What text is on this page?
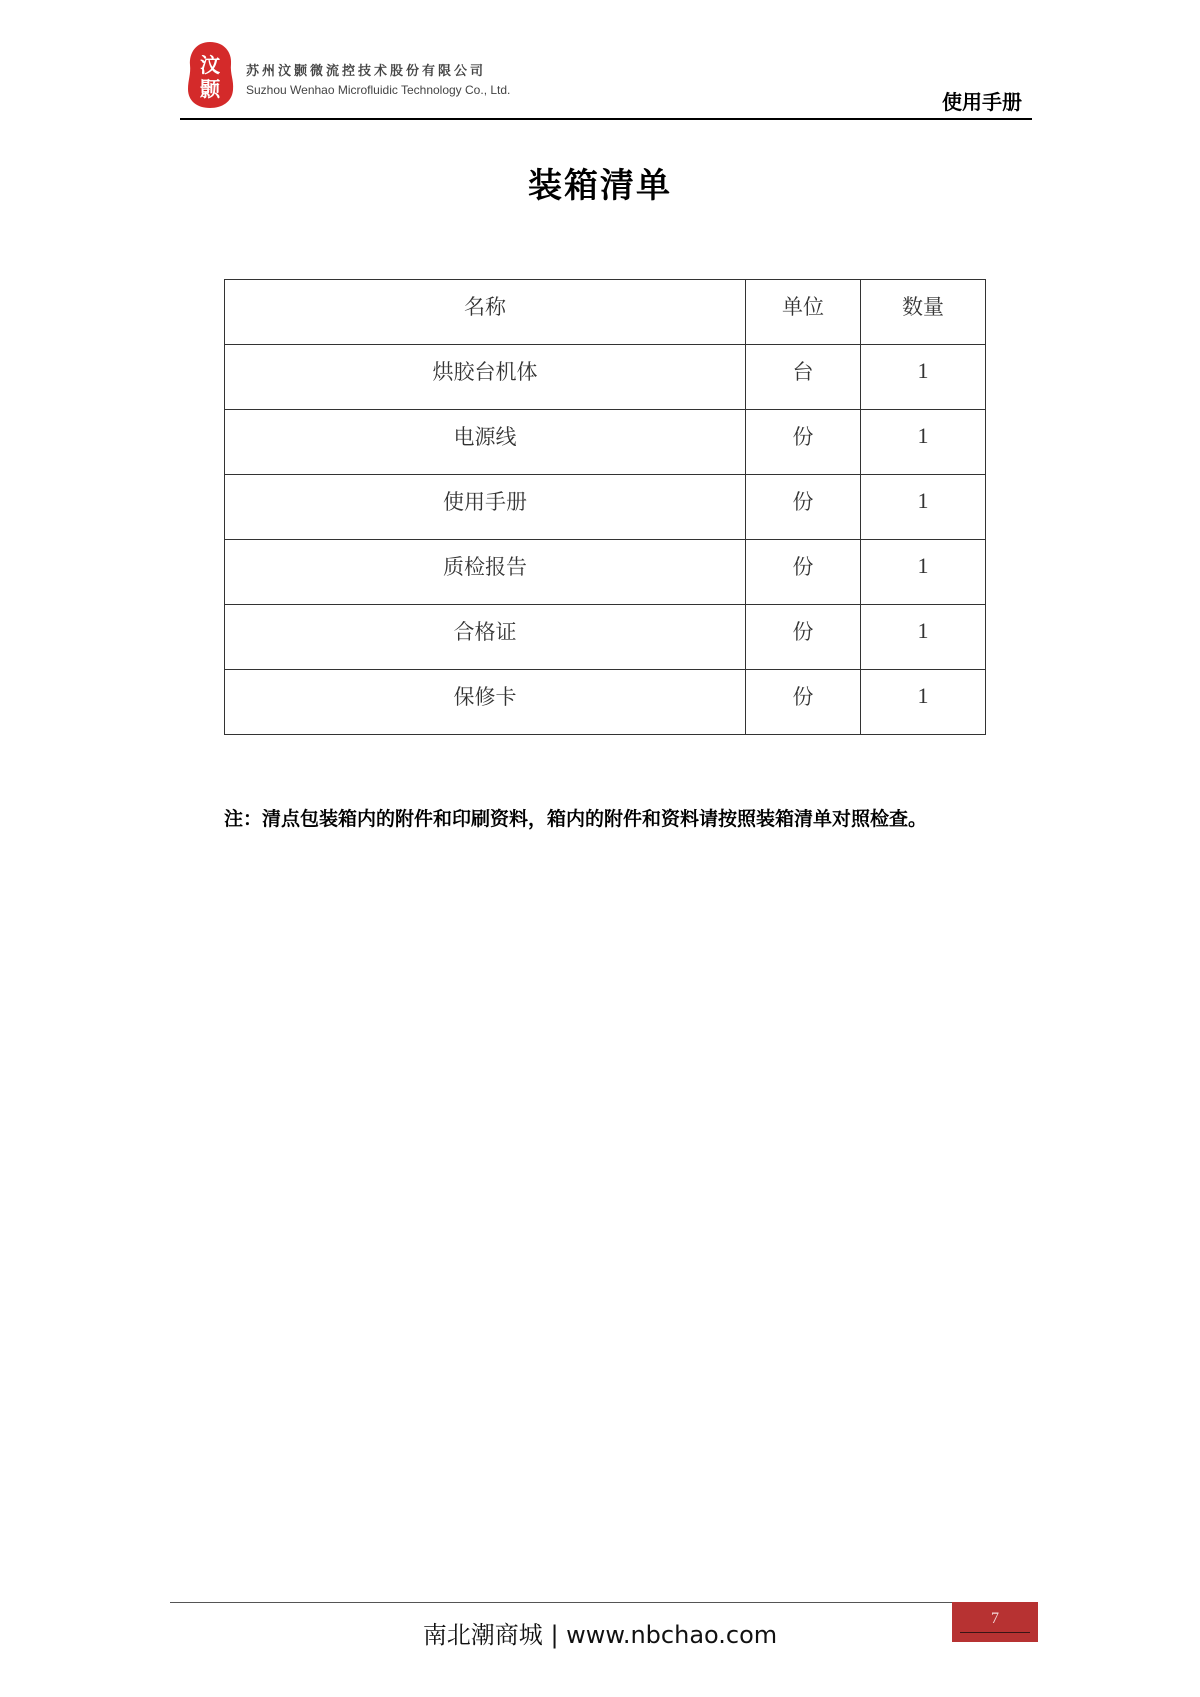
汶
颢
苏州汶颢微流控技术股份有限公司
Suzhou Wenhao Microfluidic Technology Co., Ltd.	使用手册
装箱清单
名称	单位	数量
烘胶台机体	台	1
电源线	份	1
使用手册	份	1
质检报告	份	1
合格证	份	1
保修卡	份	1
注：清点包装箱内的附件和印刷资料，箱内的附件和资料请按照装箱清单对照检查。
南北潮商城 | www.nbchao.com
7
